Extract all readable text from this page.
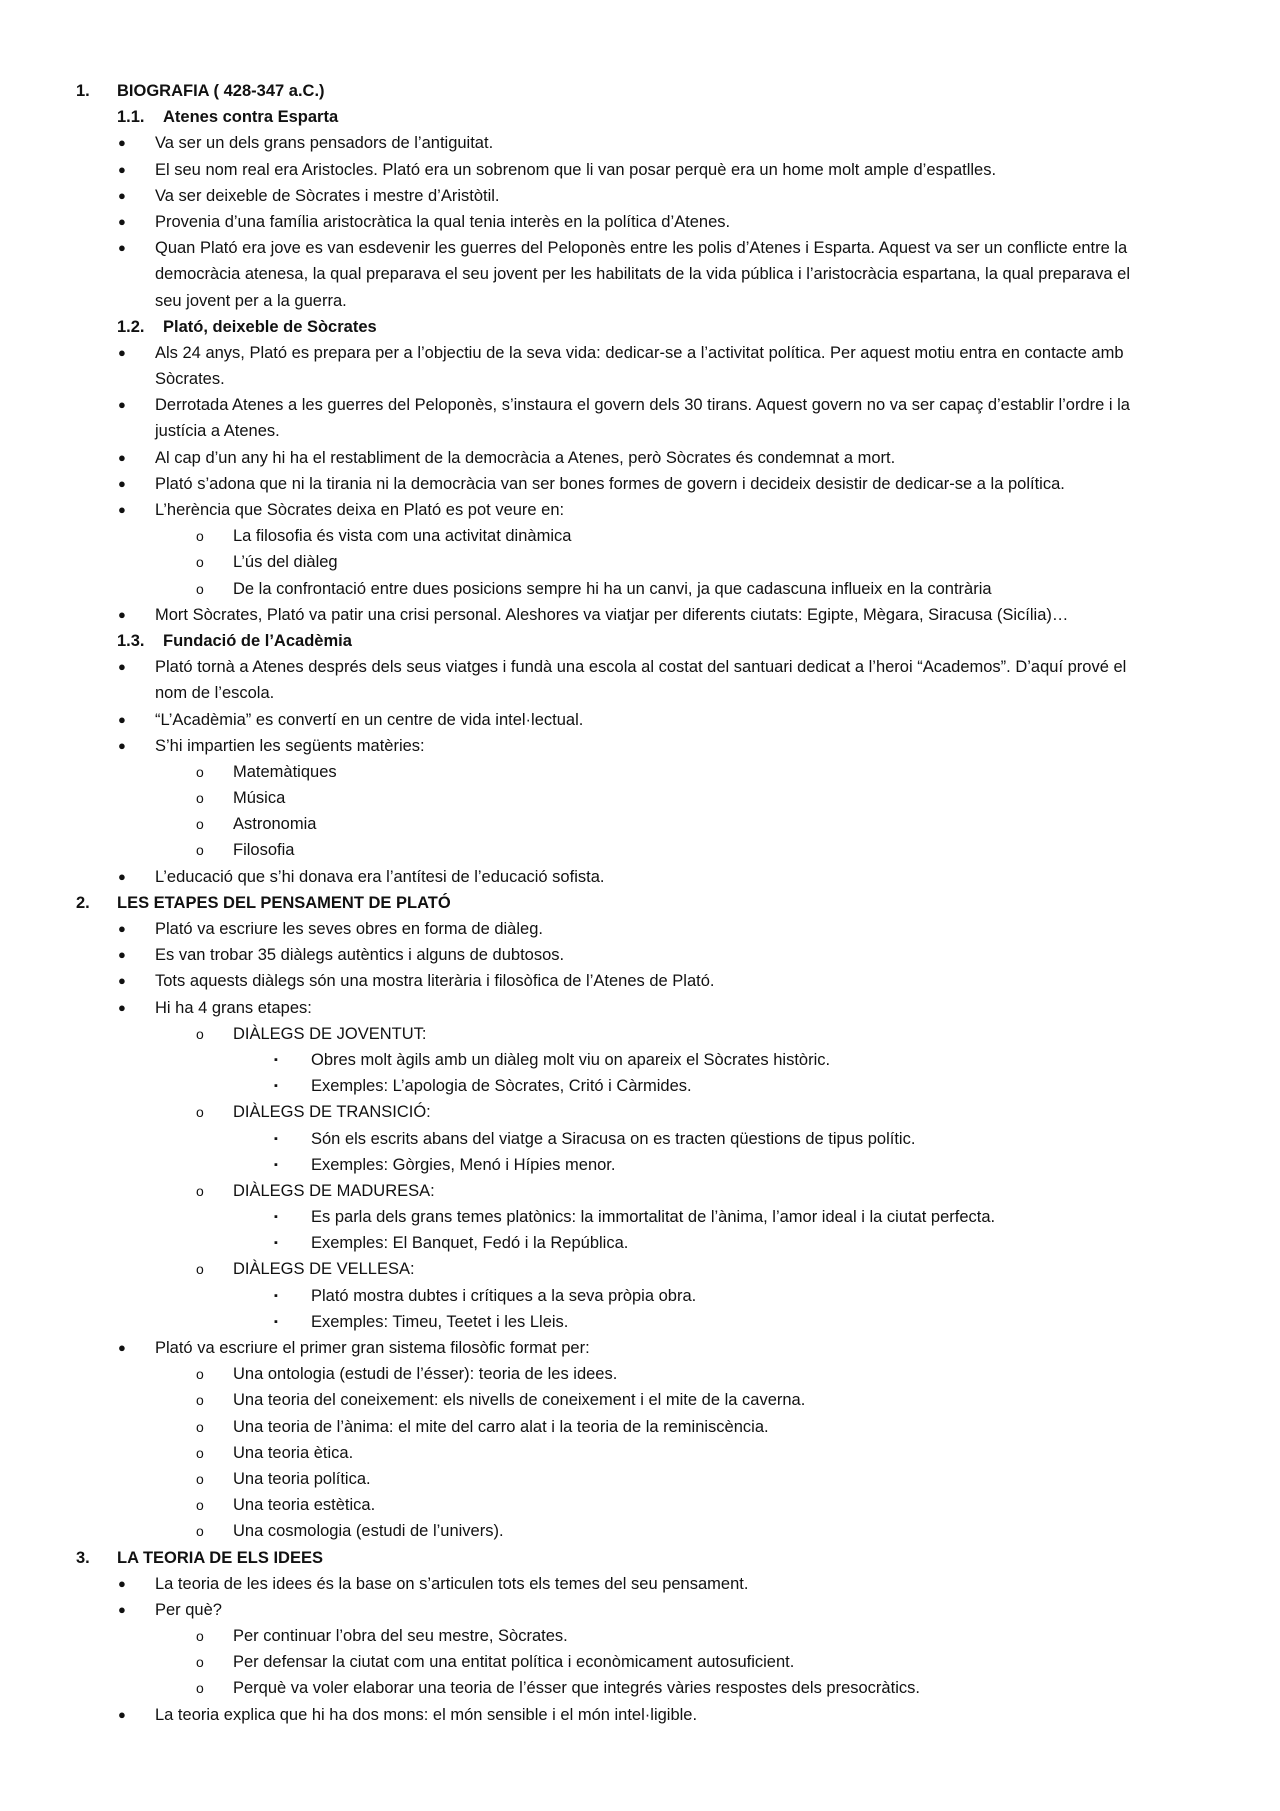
1. BIOGRAFIA ( 428-347 a.C.)
1.1. Atenes contra Esparta
● Va ser un dels grans pensadors de l’antiguitat.
● El seu nom real era Aristocles. Plató era un sobrenom que li van posar perquè era un home molt ample d’espatlles.
● Va ser deixeble de Sòcrates i mestre d’Aristòtil.
● Provenia d’una família aristocràtica la qual tenia interès en la política d’Atenes.
● Quan Plató era jove es van esdevenir les guerres del Peloponès entre les polis d’Atenes i Esparta. Aquest va ser un conflicte entre la
democràcia atenesa, la qual preparava el seu jovent per les habilitats de la vida pública i l’aristocràcia espartana, la qual preparava el
seu jovent per a la guerra.
1.2. Plató, deixeble de Sòcrates
● Als 24 anys, Plató es prepara per a l’objectiu de la seva vida: dedicar-se a l’activitat política. Per aquest motiu entra en contacte amb
Sòcrates.
● Derrotada Atenes a les guerres del Peloponès, s’instaura el govern dels 30 tirans. Aquest govern no va ser capaç d’establir l’ordre i la
justícia a Atenes.
● Al cap d’un any hi ha el restabliment de la democràcia a Atenes, però Sòcrates és condemnat a mort.
● Plató s’adona que ni la tirania ni la democràcia van ser bones formes de govern i decideix desistir de dedicar-se a la política.
● L’herència que Sòcrates deixa en Plató es pot veure en:
o La filosofia és vista com una activitat dinàmica
o L’ús del diàleg
o De la confrontació entre dues posicions sempre hi ha un canvi, ja que cadascuna influeix en la contrària
● Mort Sòcrates, Plató va patir una crisi personal. Aleshores va viatjar per diferents ciutats: Egipte, Mègara, Siracusa (Sicília)…
1.3. Fundació de l’Acadèmia
● Plató tornà a Atenes després dels seus viatges i fundà una escola al costat del santuari dedicat a l’heroi “Academos”. D’aquí prové el
nom de l’escola.
● “L’Acadèmia” es convertí en un centre de vida intel·lectual.
● S’hi impartien les següents matèries:
o Matemàtiques
o Música
o Astronomia
o Filosofia
● L’educació que s’hi donava era l’antítesi de l’educació sofista.
2. LES ETAPES DEL PENSAMENT DE PLATÓ
● Plató va escriure les seves obres en forma de diàleg.
● Es van trobar 35 diàlegs autèntics i alguns de dubtosos.
● Tots aquests diàlegs són una mostra literària i filosòfica de l’Atenes de Plató.
● Hi ha 4 grans etapes:
o DIÀLEGS DE JOVENTUT:
▪ Obres molt àgils amb un diàleg molt viu on apareix el Sòcrates històric.
▪ Exemples: L’apologia de Sòcrates, Critó i Càrmides.
o DIÀLEGS DE TRANSICIÓ:
▪ Són els escrits abans del viatge a Siracusa on es tracten qüestions de tipus polític.
▪ Exemples: Gòrgies, Menó i Hípies menor.
o DIÀLEGS DE MADURESA:
▪ Es parla dels grans temes platònics: la immortalitat de l’ànima, l’amor ideal i la ciutat perfecta.
▪ Exemples: El Banquet, Fedó i la República.
o DIÀLEGS DE VELLESA:
▪ Plató mostra dubtes i crítiques a la seva pròpia obra.
▪ Exemples: Timeu, Teetet i les Lleis.
● Plató va escriure el primer gran sistema filosòfic format per:
o Una ontologia (estudi de l’ésser): teoria de les idees.
o Una teoria del coneixement: els nivells de coneixement i el mite de la caverna.
o Una teoria de l’ànima: el mite del carro alat i la teoria de la reminiscència.
o Una teoria ètica.
o Una teoria política.
o Una teoria estètica.
o Una cosmologia (estudi de l’univers).
3. LA TEORIA DE ELS IDEES
● La teoria de les idees és la base on s’articulen tots els temes del seu pensament.
● Per què?
o Per continuar l’obra del seu mestre, Sòcrates.
o Per defensar la ciutat com una entitat política i econòmicament autosuficient.
o Perquè va voler elaborar una teoria de l’ésser que integrés vàries respostes dels presocràtics.
● La teoria explica que hi ha dos mons: el món sensible i el món intel·ligible.
